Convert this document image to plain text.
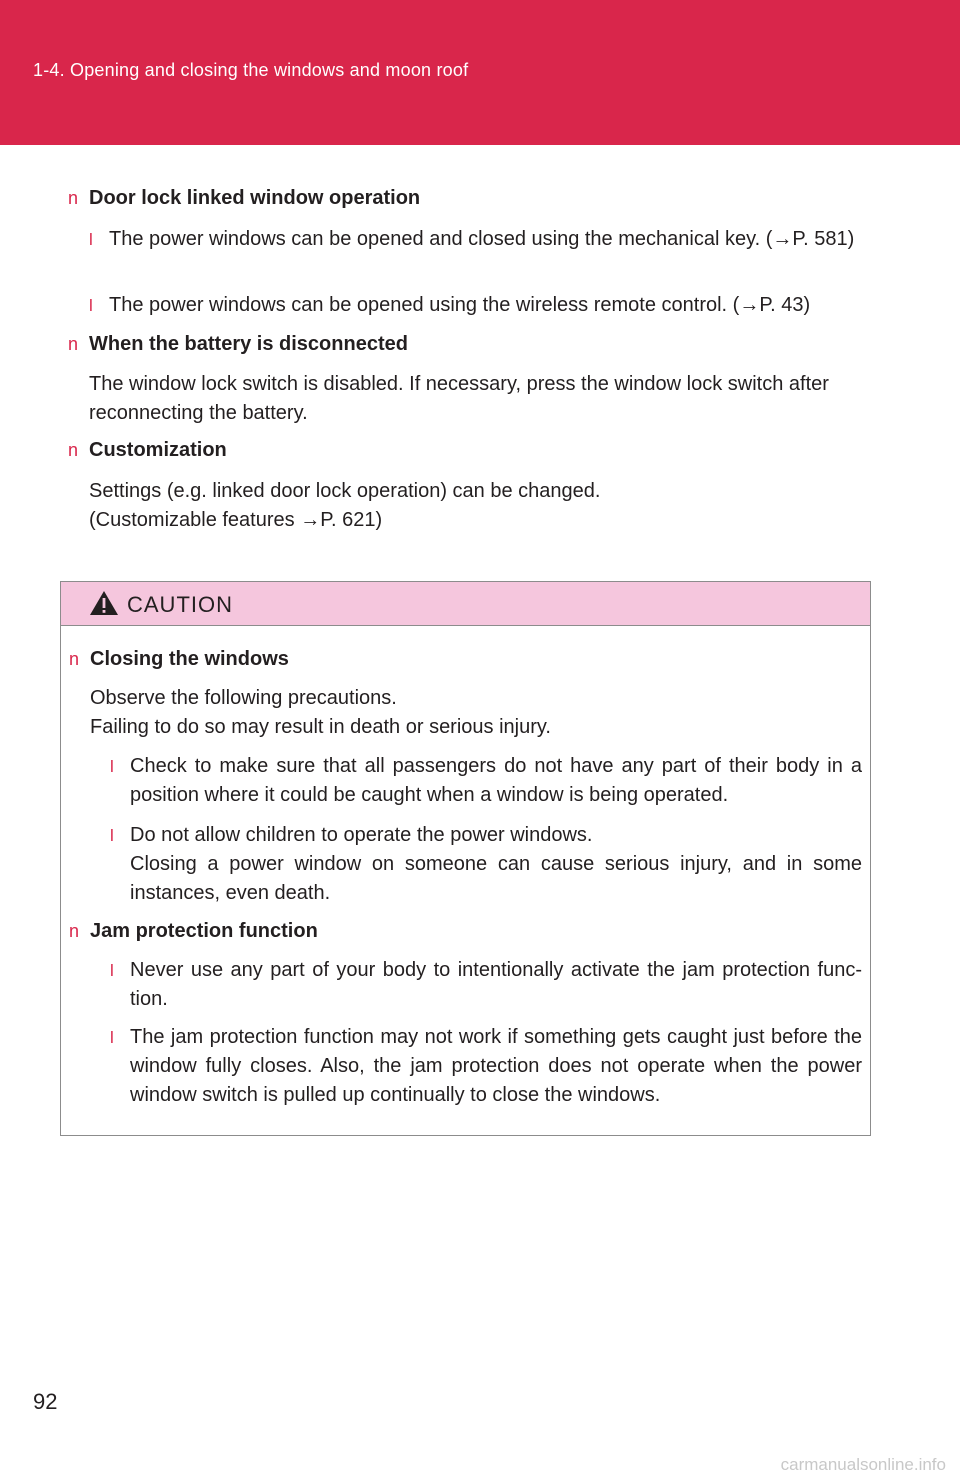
1-4. Opening and closing the windows and moon roof
n Door lock linked window operation
l The power windows can be opened and closed using the mechanical key. (→P. 581)
l The power windows can be opened using the wireless remote control. (→P. 43)
n When the battery is disconnected
The window lock switch is disabled. If necessary, press the window lock switch after reconnecting the battery.
n Customization
Settings (e.g. linked door lock operation) can be changed.
(Customizable features →P. 621)
CAUTION
n Closing the windows
Observe the following precautions.
Failing to do so may result in death or serious injury.
l Check to make sure that all passengers do not have any part of their body in a position where it could be caught when a window is being operated.
l Do not allow children to operate the power windows.
Closing a power window on someone can cause serious injury, and in some instances, even death.
n Jam protection function
l Never use any part of your body to intentionally activate the jam protection func-tion.
l The jam protection function may not work if something gets caught just before the window fully closes. Also, the jam protection does not operate when the power window switch is pulled up continually to close the windows.
92
carmanualsonline.info
